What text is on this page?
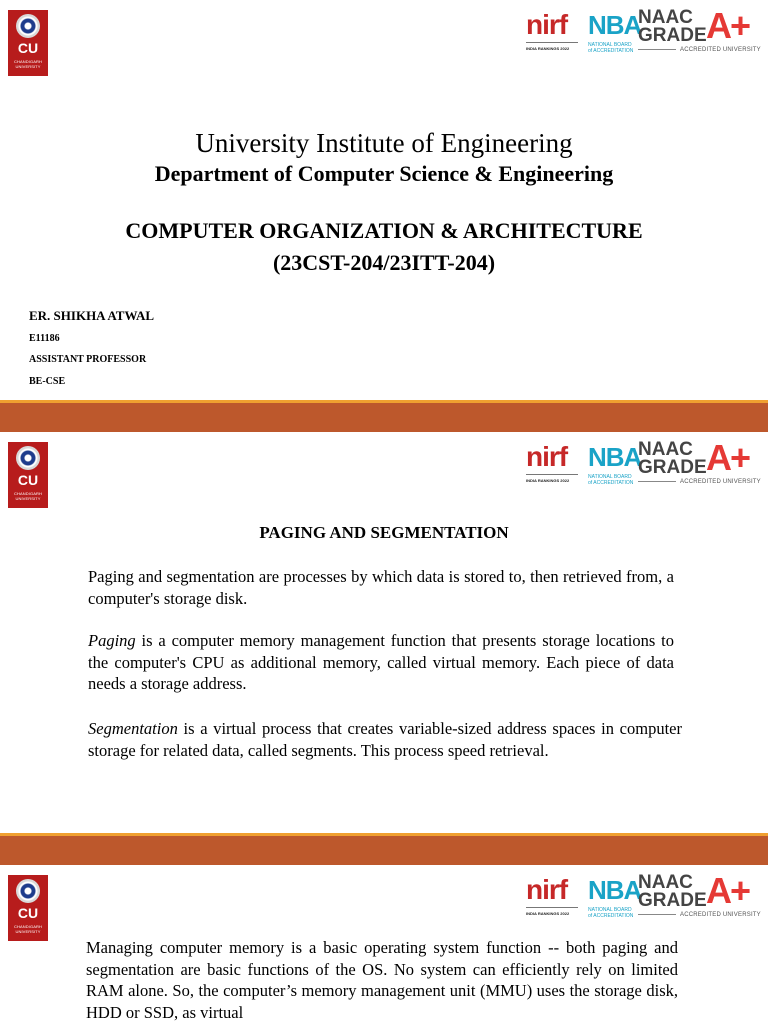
CU
CHANDIGARH UNIVERSITY
nirf
INDIA RANKINGS 2022
NBA
NATIONAL BOARD of ACCREDITATION
NAAC
GRADE A+
ACCREDITED UNIVERSITY
University Institute of Engineering
Department of Computer Science & Engineering
COMPUTER ORGANIZATION & ARCHITECTURE
(23CST-204/23ITT-204)
ER. SHIKHA ATWAL
E11186
ASSISTANT PROFESSOR
BE-CSE
CU
CHANDIGARH UNIVERSITY
nirf
INDIA RANKINGS 2022
NBA
NATIONAL BOARD of ACCREDITATION
NAAC
GRADE A+
ACCREDITED UNIVERSITY
PAGING AND SEGMENTATION
Paging and segmentation are processes by which data is stored to, then retrieved from, a computer's storage disk.
Paging is a computer memory management function that presents storage locations to the computer's CPU as additional memory, called virtual memory. Each piece of data needs a storage address.
Segmentation is a virtual process that creates variable-sized address spaces in computer storage for related data, called segments. This process speed retrieval.
CU
CHANDIGARH UNIVERSITY
nirf
INDIA RANKINGS 2022
NBA
NATIONAL BOARD of ACCREDITATION
NAAC
GRADE A+
ACCREDITED UNIVERSITY
Managing computer memory is a basic operating system function -- both paging and segmentation are basic functions of the OS. No system can efficiently rely on limited RAM alone. So, the computer’s memory management unit (MMU) uses the storage disk, HDD or SSD, as virtual
